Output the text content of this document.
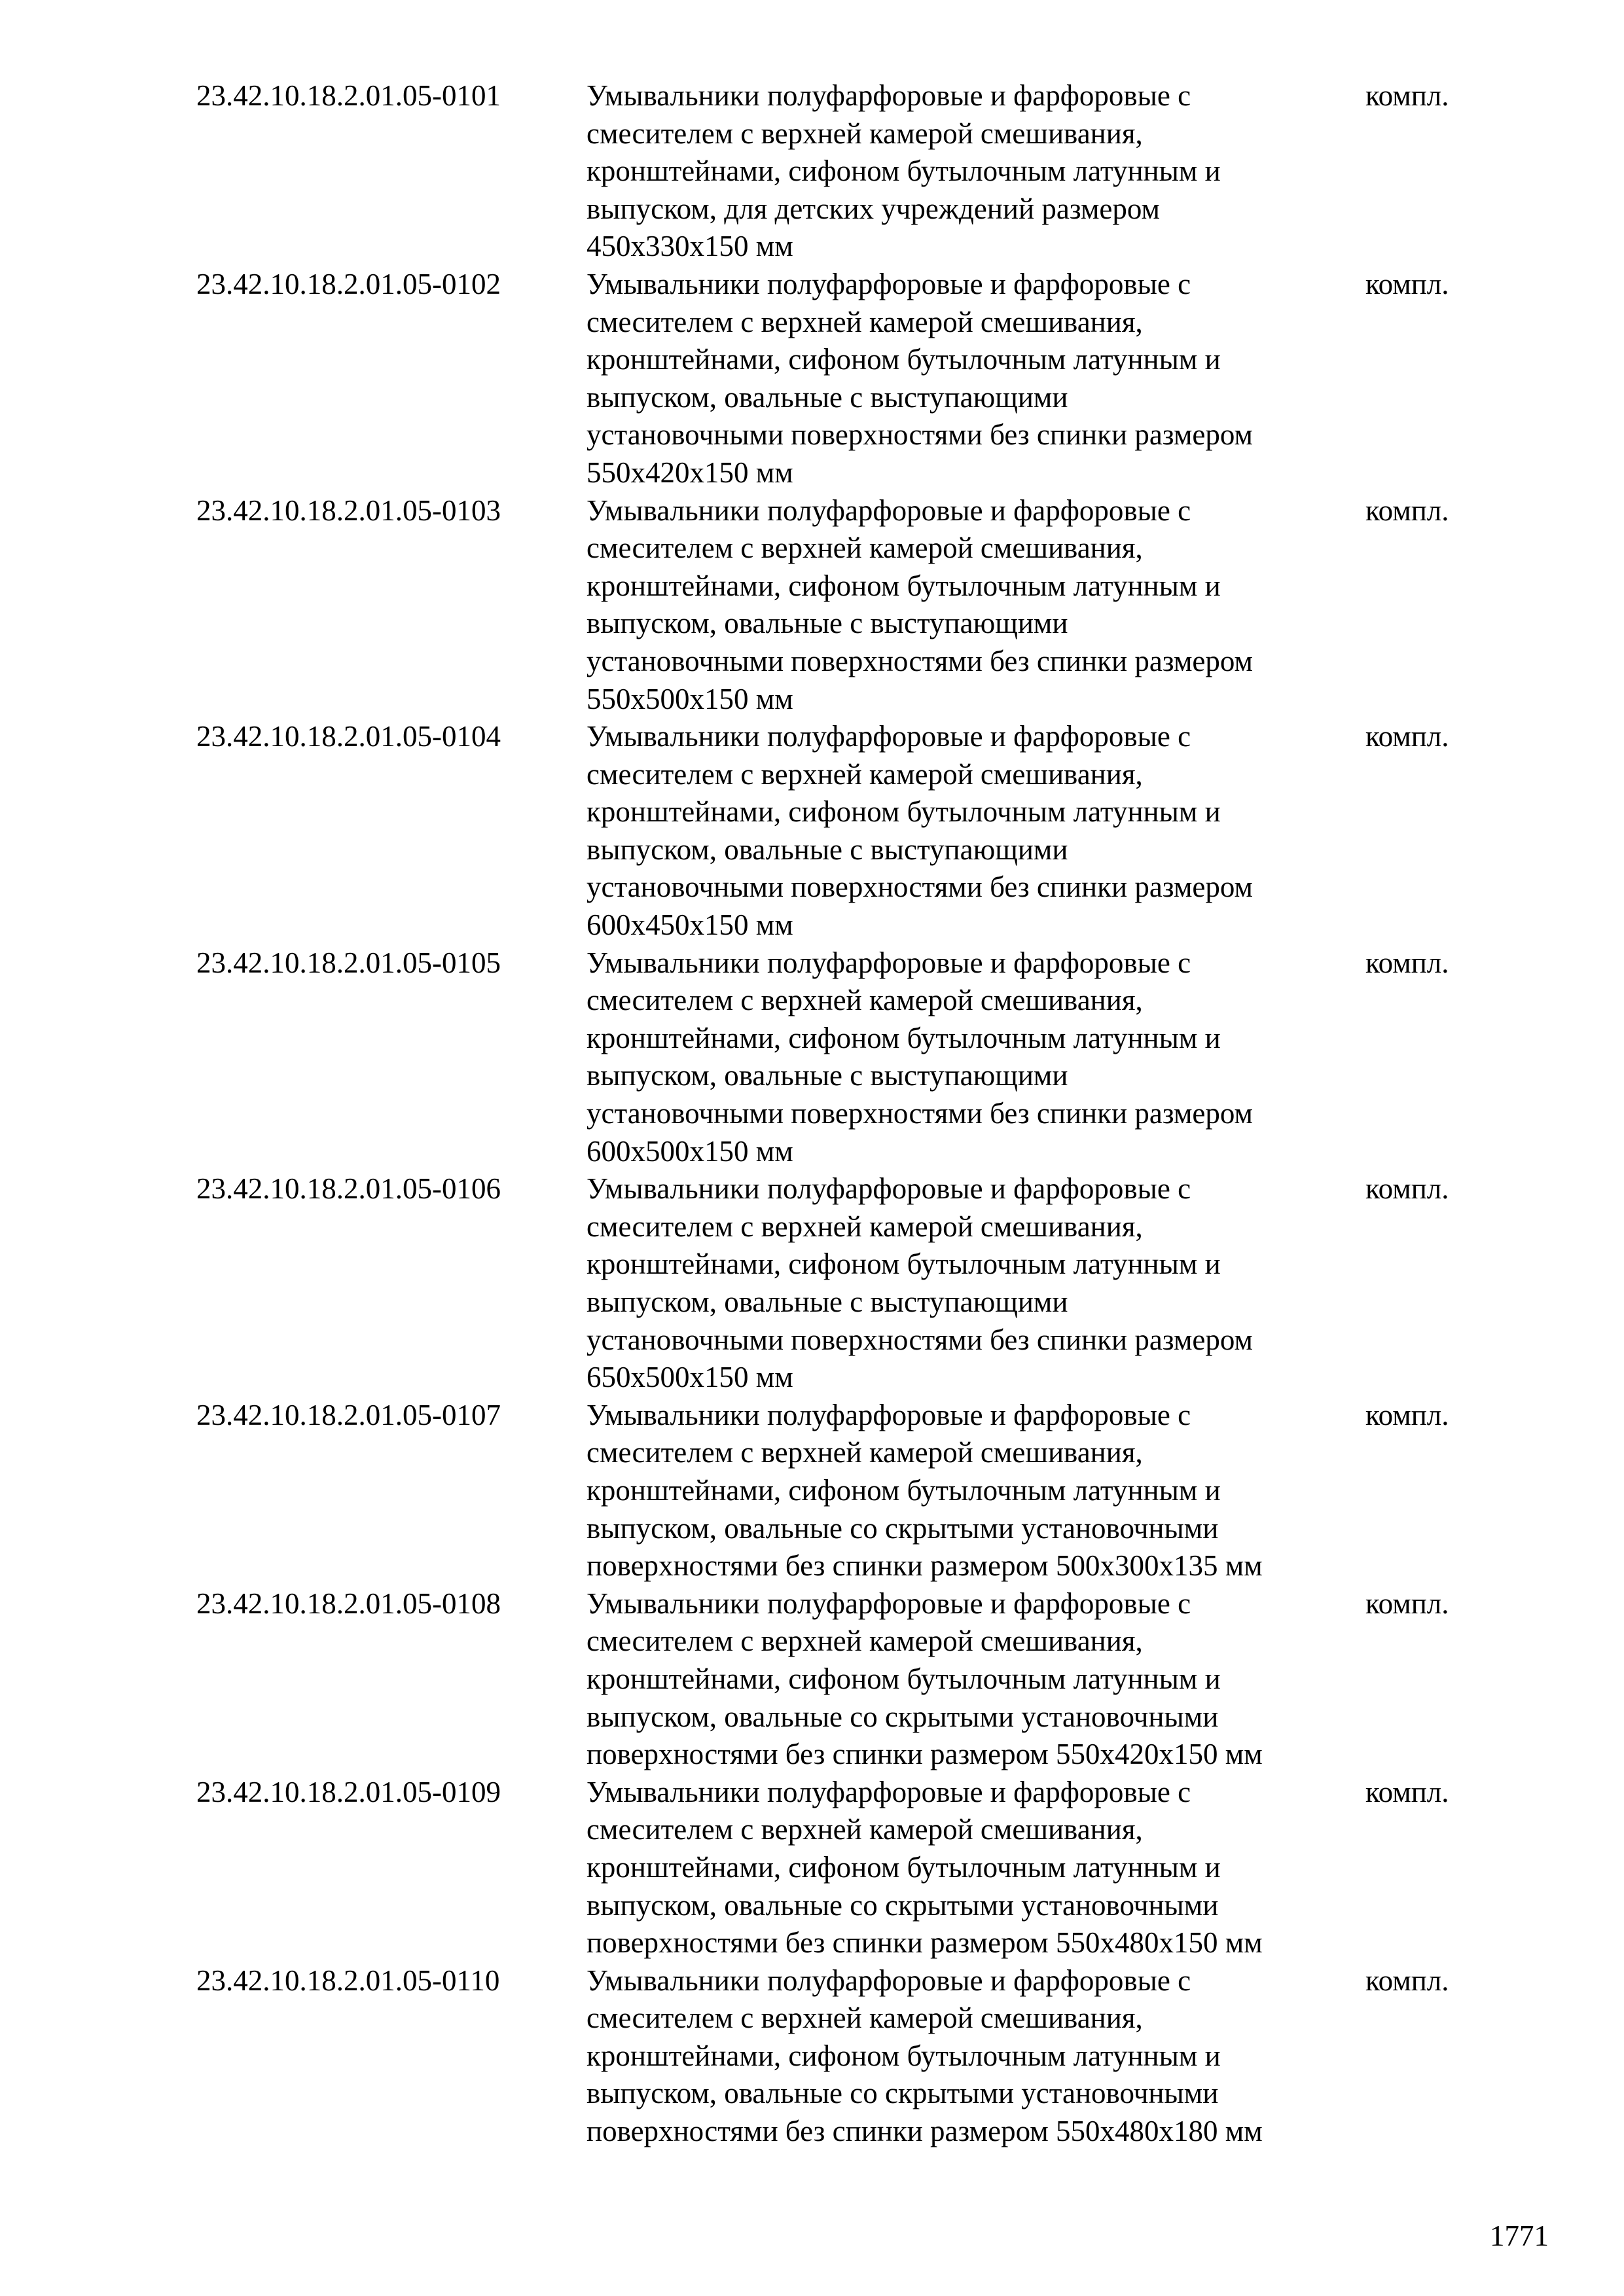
23.42.10.18.2.01.05-0101	Умывальники полуфарфоровые и фарфоровые с
смесителем с верхней камерой смешивания,
кронштейнами, сифоном бутылочным латунным и
выпуском, для детских учреждений размером
450x330x150 мм
компл.
23.42.10.18.2.01.05-0102	Умывальники полуфарфоровые и фарфоровые с
смесителем с верхней камерой смешивания,
кронштейнами, сифоном бутылочным латунным и
выпуском, овальные с выступающими
установочными поверхностями без спинки размером
550x420x150 мм
компл.
23.42.10.18.2.01.05-0103	Умывальники полуфарфоровые и фарфоровые с
смесителем с верхней камерой смешивания,
кронштейнами, сифоном бутылочным латунным и
выпуском, овальные с выступающими
установочными поверхностями без спинки размером
550x500x150 мм
компл.
23.42.10.18.2.01.05-0104	Умывальники полуфарфоровые и фарфоровые с
смесителем с верхней камерой смешивания,
кронштейнами, сифоном бутылочным латунным и
выпуском, овальные с выступающими
установочными поверхностями без спинки размером
600x450x150 мм
компл.
23.42.10.18.2.01.05-0105	Умывальники полуфарфоровые и фарфоровые с
смесителем с верхней камерой смешивания,
кронштейнами, сифоном бутылочным латунным и
выпуском, овальные с выступающими
установочными поверхностями без спинки размером
600x500x150 мм
компл.
23.42.10.18.2.01.05-0106	Умывальники полуфарфоровые и фарфоровые с
смесителем с верхней камерой смешивания,
кронштейнами, сифоном бутылочным латунным и
выпуском, овальные с выступающими
установочными поверхностями без спинки размером
650x500x150 мм
компл.
23.42.10.18.2.01.05-0107	Умывальники полуфарфоровые и фарфоровые с
смесителем с верхней камерой смешивания,
кронштейнами, сифоном бутылочным латунным и
выпуском, овальные со скрытыми установочными
поверхностями без спинки размером 500x300x135 мм
компл.
23.42.10.18.2.01.05-0108	Умывальники полуфарфоровые и фарфоровые с
смесителем с верхней камерой смешивания,
кронштейнами, сифоном бутылочным латунным и
выпуском, овальные со скрытыми установочными
поверхностями без спинки размером 550x420x150 мм
компл.
23.42.10.18.2.01.05-0109	Умывальники полуфарфоровые и фарфоровые с
смесителем с верхней камерой смешивания,
кронштейнами, сифоном бутылочным латунным и
выпуском, овальные со скрытыми установочными
поверхностями без спинки размером 550x480x150 мм
компл.
23.42.10.18.2.01.05-0110	Умывальники полуфарфоровые и фарфоровые с
смесителем с верхней камерой смешивания,
кронштейнами, сифоном бутылочным латунным и
выпуском, овальные со скрытыми установочными
поверхностями без спинки размером 550x480x180 мм
компл.
1771
